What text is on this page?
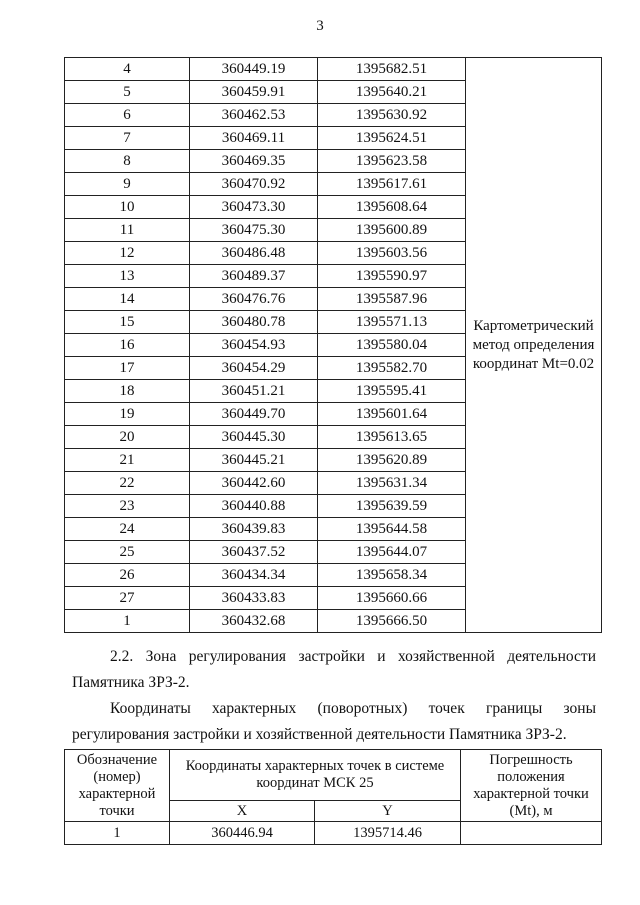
3
4	360449.19	1395682.51	Картометрический метод определения координат Mt=0.02
5	360459.91	1395640.21	
6	360462.53	1395630.92	
7	360469.11	1395624.51	
8	360469.35	1395623.58	
9	360470.92	1395617.61	
10	360473.30	1395608.64	
11	360475.30	1395600.89	
12	360486.48	1395603.56	
13	360489.37	1395590.97	
14	360476.76	1395587.96	
15	360480.78	1395571.13	
16	360454.93	1395580.04	
17	360454.29	1395582.70	
18	360451.21	1395595.41	
19	360449.70	1395601.64	
20	360445.30	1395613.65	
21	360445.21	1395620.89	
22	360442.60	1395631.34	
23	360440.88	1395639.59	
24	360439.83	1395644.58	
25	360437.52	1395644.07	
26	360434.34	1395658.34	
27	360433.83	1395660.66	
1	360432.68	1395666.50	
2.2. Зона регулирования застройки и хозяйственной деятельности
Памятника ЗРЗ-2.
Координаты характерных (поворотных) точек границы зоны
регулирования застройки и хозяйственной деятельности Памятника ЗРЗ-2.
Обозначение (номер) характерной точки	Координаты характерных точек в системе координат МСК 25		Погрешность положения характерной точки (Mt), м
	X	Y	
1	360446.94	1395714.46	
